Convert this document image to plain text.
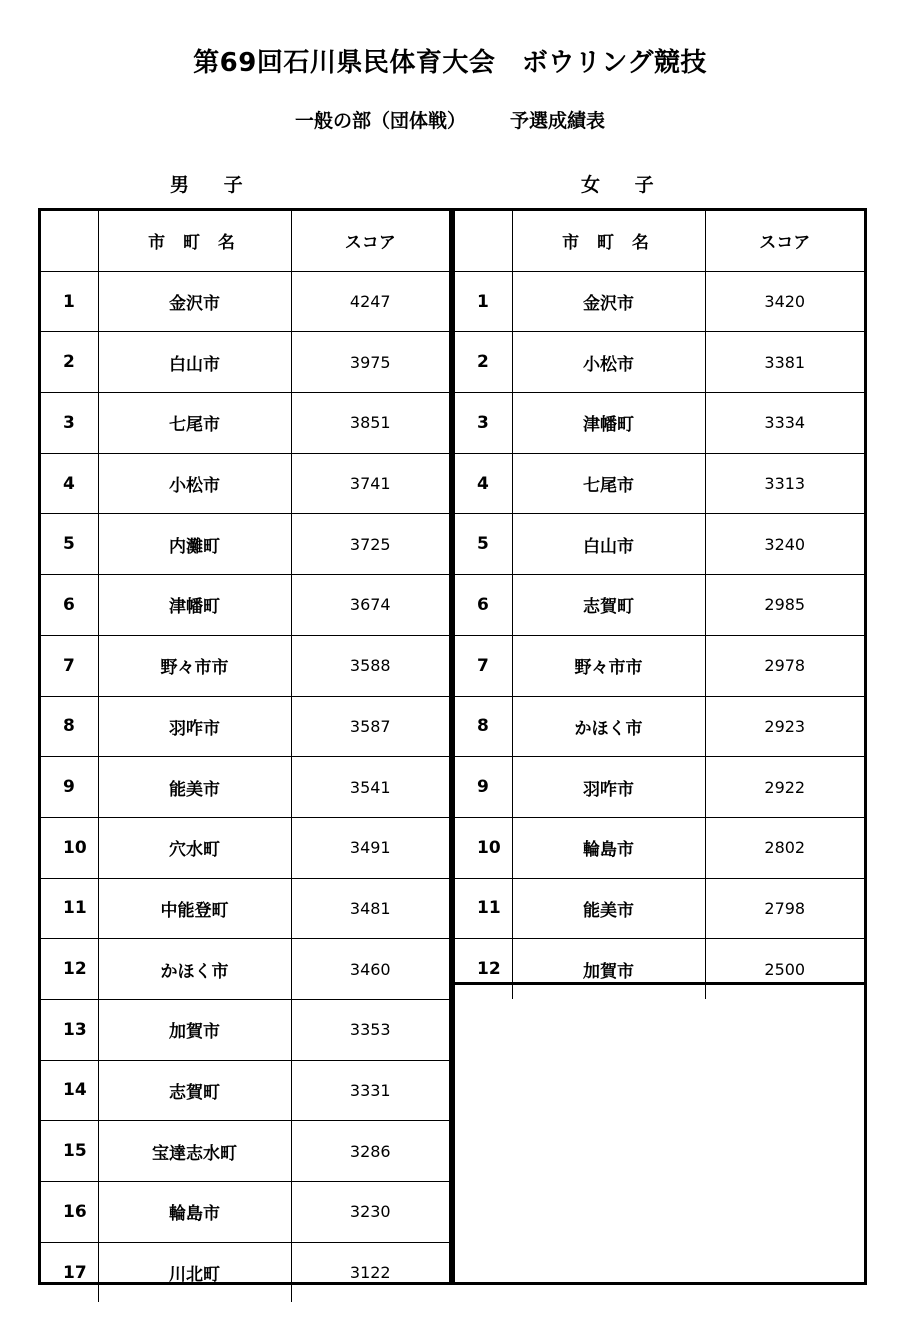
第69回石川県民体育大会　ボウリング競技
一般の部（団体戦） 予選成績表
男 子	女 子
	市 町 名	スコア
1	金沢市	4247
2	白山市	3975
3	七尾市	3851
4	小松市	3741
5	内灘町	3725
6	津幡町	3674
7	野々市市	3588
8	羽咋市	3587
9	能美市	3541
10	穴水町	3491
11	中能登町	3481
12	かほく市	3460
13	加賀市	3353
14	志賀町	3331
15	宝達志水町	3286
16	輪島市	3230
17	川北町	3122
	市 町 名	スコア
1	金沢市	3420
2	小松市	3381
3	津幡町	3334
4	七尾市	3313
5	白山市	3240
6	志賀町	2985
7	野々市市	2978
8	かほく市	2923
9	羽咋市	2922
10	輪島市	2802
11	能美市	2798
12	加賀市	2500
